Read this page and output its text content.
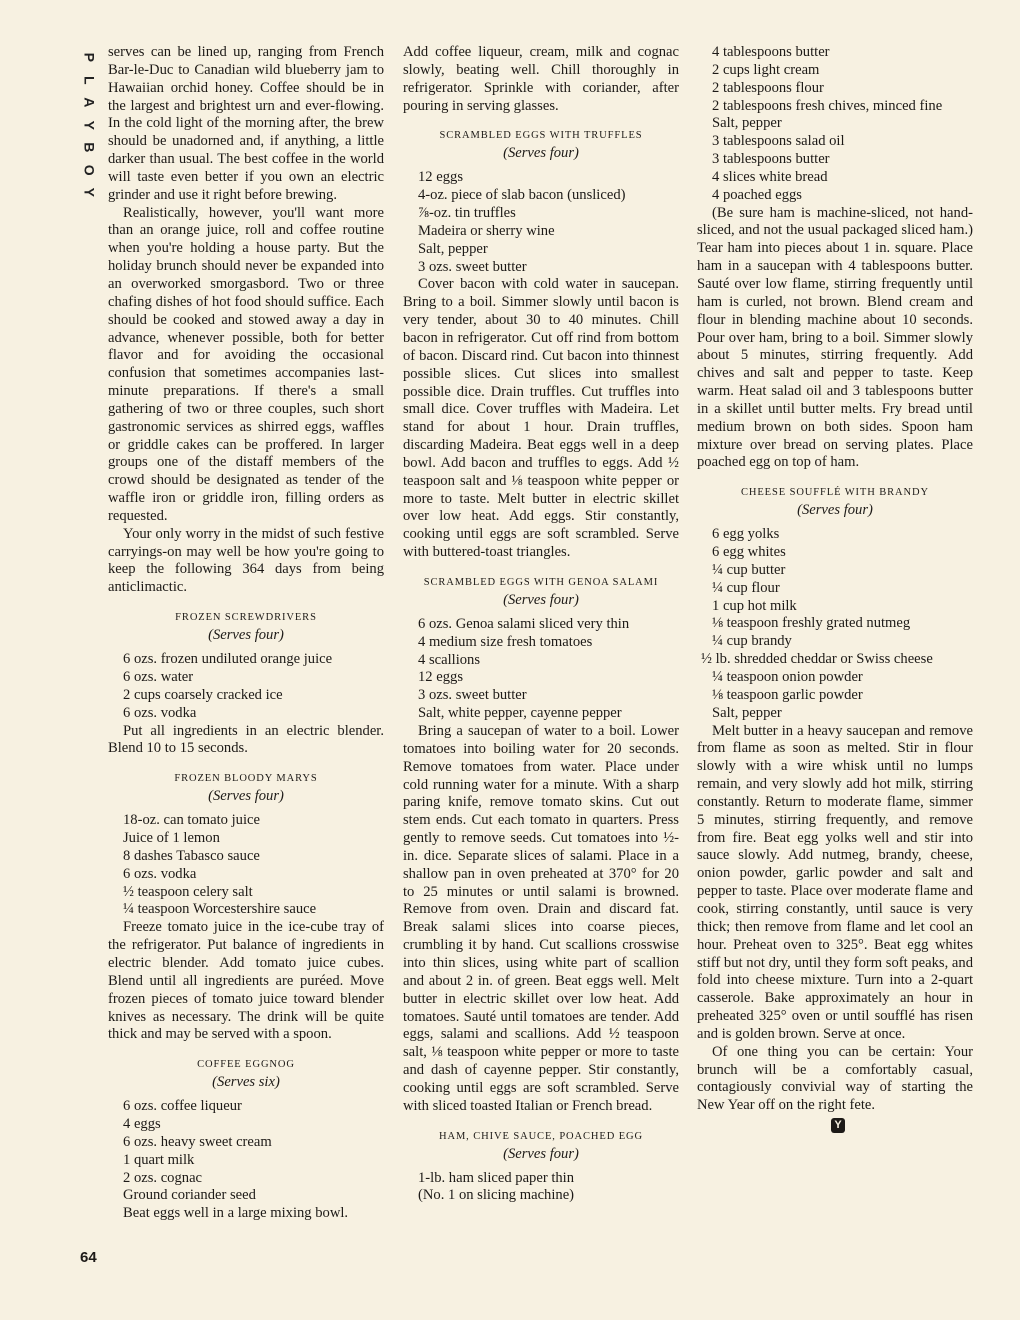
P
L
A
Y
B
O
Y
64

serves can be lined up, ranging from French Bar-le-Duc to Canadian wild blueberry jam to Hawaiian orchid honey. Coffee should be in the largest and brightest urn and ever-flowing. In the cold light of the morning after, the brew should be unadorned and, if anything, a little darker than usual. The best coffee in the world will taste even better if you own an electric grinder and use it right before brewing.

Realistically, however, you'll want more than an orange juice, roll and coffee routine when you're holding a house party. But the holiday brunch should never be expanded into an overworked smorgasbord. Two or three chafing dishes of hot food should suffice. Each should be cooked and stowed away a day in advance, whenever possible, both for better flavor and for avoiding the occasional confusion that sometimes accompanies last-minute preparations. If there's a small gathering of two or three couples, such short gastronomic services as shirred eggs, waffles or griddle cakes can be proffered. In larger groups one of the distaff members of the crowd should be designated as tender of the waffle iron or griddle iron, filling orders as requested.

Your only worry in the midst of such festive carryings-on may well be how you're going to keep the following 364 days from being anticlimactic.

FROZEN SCREWDRIVERS
(Serves four)
6 ozs. frozen undiluted orange juice
6 ozs. water
2 cups coarsely cracked ice
6 ozs. vodka

Put all ingredients in an electric blender. Blend 10 to 15 seconds.

FROZEN BLOODY MARYS
(Serves four)
18-oz. can tomato juice
Juice of 1 lemon
8 dashes Tabasco sauce
6 ozs. vodka
½ teaspoon celery salt
¼ teaspoon Worcestershire sauce

Freeze tomato juice in the ice-cube tray of the refrigerator. Put balance of ingredients in electric blender. Add tomato juice cubes. Blend until all ingredients are puréed. Move frozen pieces of tomato juice toward blender knives as necessary. The drink will be quite thick and may be served with a spoon.

COFFEE EGGNOG
(Serves six)
6 ozs. coffee liqueur
4 eggs
6 ozs. heavy sweet cream
1 quart milk
2 ozs. cognac
Ground coriander seed

Beat eggs well in a large mixing bowl.

Add coffee liqueur, cream, milk and cognac slowly, beating well. Chill thoroughly in refrigerator. Sprinkle with coriander, after pouring in serving glasses.

SCRAMBLED EGGS WITH TRUFFLES
(Serves four)
12 eggs
4-oz. piece of slab bacon (unsliced)
⅞-oz. tin truffles
Madeira or sherry wine
Salt, pepper
3 ozs. sweet butter

Cover bacon with cold water in saucepan. Bring to a boil. Simmer slowly until bacon is very tender, about 30 to 40 minutes. Chill bacon in refrigerator. Cut off rind from bottom of bacon. Discard rind. Cut bacon into thinnest possible slices. Cut slices into smallest possible dice. Drain truffles. Cut truffles into small dice. Cover truffles with Madeira. Let stand for about 1 hour. Drain truffles, discarding Madeira. Beat eggs well in a deep bowl. Add bacon and truffles to eggs. Add ½ teaspoon salt and ⅛ teaspoon white pepper or more to taste. Melt butter in electric skillet over low heat. Add eggs. Stir constantly, cooking until eggs are soft scrambled. Serve with buttered-toast triangles.

SCRAMBLED EGGS WITH GENOA SALAMI
(Serves four)
6 ozs. Genoa salami sliced very thin
4 medium size fresh tomatoes
4 scallions
12 eggs
3 ozs. sweet butter
Salt, white pepper, cayenne pepper

Bring a saucepan of water to a boil. Lower tomatoes into boiling water for 20 seconds. Remove tomatoes from water. Place under cold running water for a minute. With a sharp paring knife, remove tomato skins. Cut out stem ends. Cut each tomato in quarters. Press gently to remove seeds. Cut tomatoes into ½-in. dice. Separate slices of salami. Place in a shallow pan in oven preheated at 370° for 20 to 25 minutes or until salami is browned. Remove from oven. Drain and discard fat. Break salami slices into coarse pieces, crumbling it by hand. Cut scallions crosswise into thin slices, using white part of scallion and about 2 in. of green. Beat eggs well. Melt butter in electric skillet over low heat. Add tomatoes. Sauté until tomatoes are tender. Add eggs, salami and scallions. Add ½ teaspoon salt, ⅛ teaspoon white pepper or more to taste and dash of cayenne pepper. Stir constantly, cooking until eggs are soft scrambled. Serve with sliced toasted Italian or French bread.

HAM, CHIVE SAUCE, POACHED EGG
(Serves four)
1-lb. ham sliced paper thin
(No. 1 on slicing machine)
4 tablespoons butter
2 cups light cream
2 tablespoons flour
2 tablespoons fresh chives, minced fine
Salt, pepper
3 tablespoons salad oil
3 tablespoons butter
4 slices white bread
4 poached eggs

(Be sure ham is machine-sliced, not hand-sliced, and not the usual packaged sliced ham.) Tear ham into pieces about 1 in. square. Place ham in a saucepan with 4 tablespoons butter. Sauté over low flame, stirring frequently until ham is curled, not brown. Blend cream and flour in blending machine about 10 seconds. Pour over ham, bring to a boil. Simmer slowly about 5 minutes, stirring frequently. Add chives and salt and pepper to taste. Keep warm. Heat salad oil and 3 tablespoons butter in a skillet until butter melts. Fry bread until medium brown on both sides. Spoon ham mixture over bread on serving plates. Place poached egg on top of ham.

CHEESE SOUFFLÉ WITH BRANDY
(Serves four)
6 egg yolks
6 egg whites
¼ cup butter
¼ cup flour
1 cup hot milk
⅛ teaspoon freshly grated nutmeg
¼ cup brandy
½ lb. shredded cheddar or Swiss cheese
¼ teaspoon onion powder
⅛ teaspoon garlic powder
Salt, pepper

Melt butter in a heavy saucepan and remove from flame as soon as melted. Stir in flour slowly with a wire whisk until no lumps remain, and very slowly add hot milk, stirring constantly. Return to moderate flame, simmer 5 minutes, stirring frequently, and remove from fire. Beat egg yolks well and stir into sauce slowly. Add nutmeg, brandy, cheese, onion powder, garlic powder and salt and pepper to taste. Place over moderate flame and cook, stirring constantly, until sauce is very thick; then remove from flame and let cool an hour. Preheat oven to 325°. Beat egg whites stiff but not dry, until they form soft peaks, and fold into cheese mixture. Turn into a 2-quart casserole. Bake approximately an hour in preheated 325° oven or until soufflé has risen and is golden brown. Serve at once.

Of one thing you can be certain: Your brunch will be a comfortably casual, contagiously convivial way of starting the New Year off on the right fete.

Y
